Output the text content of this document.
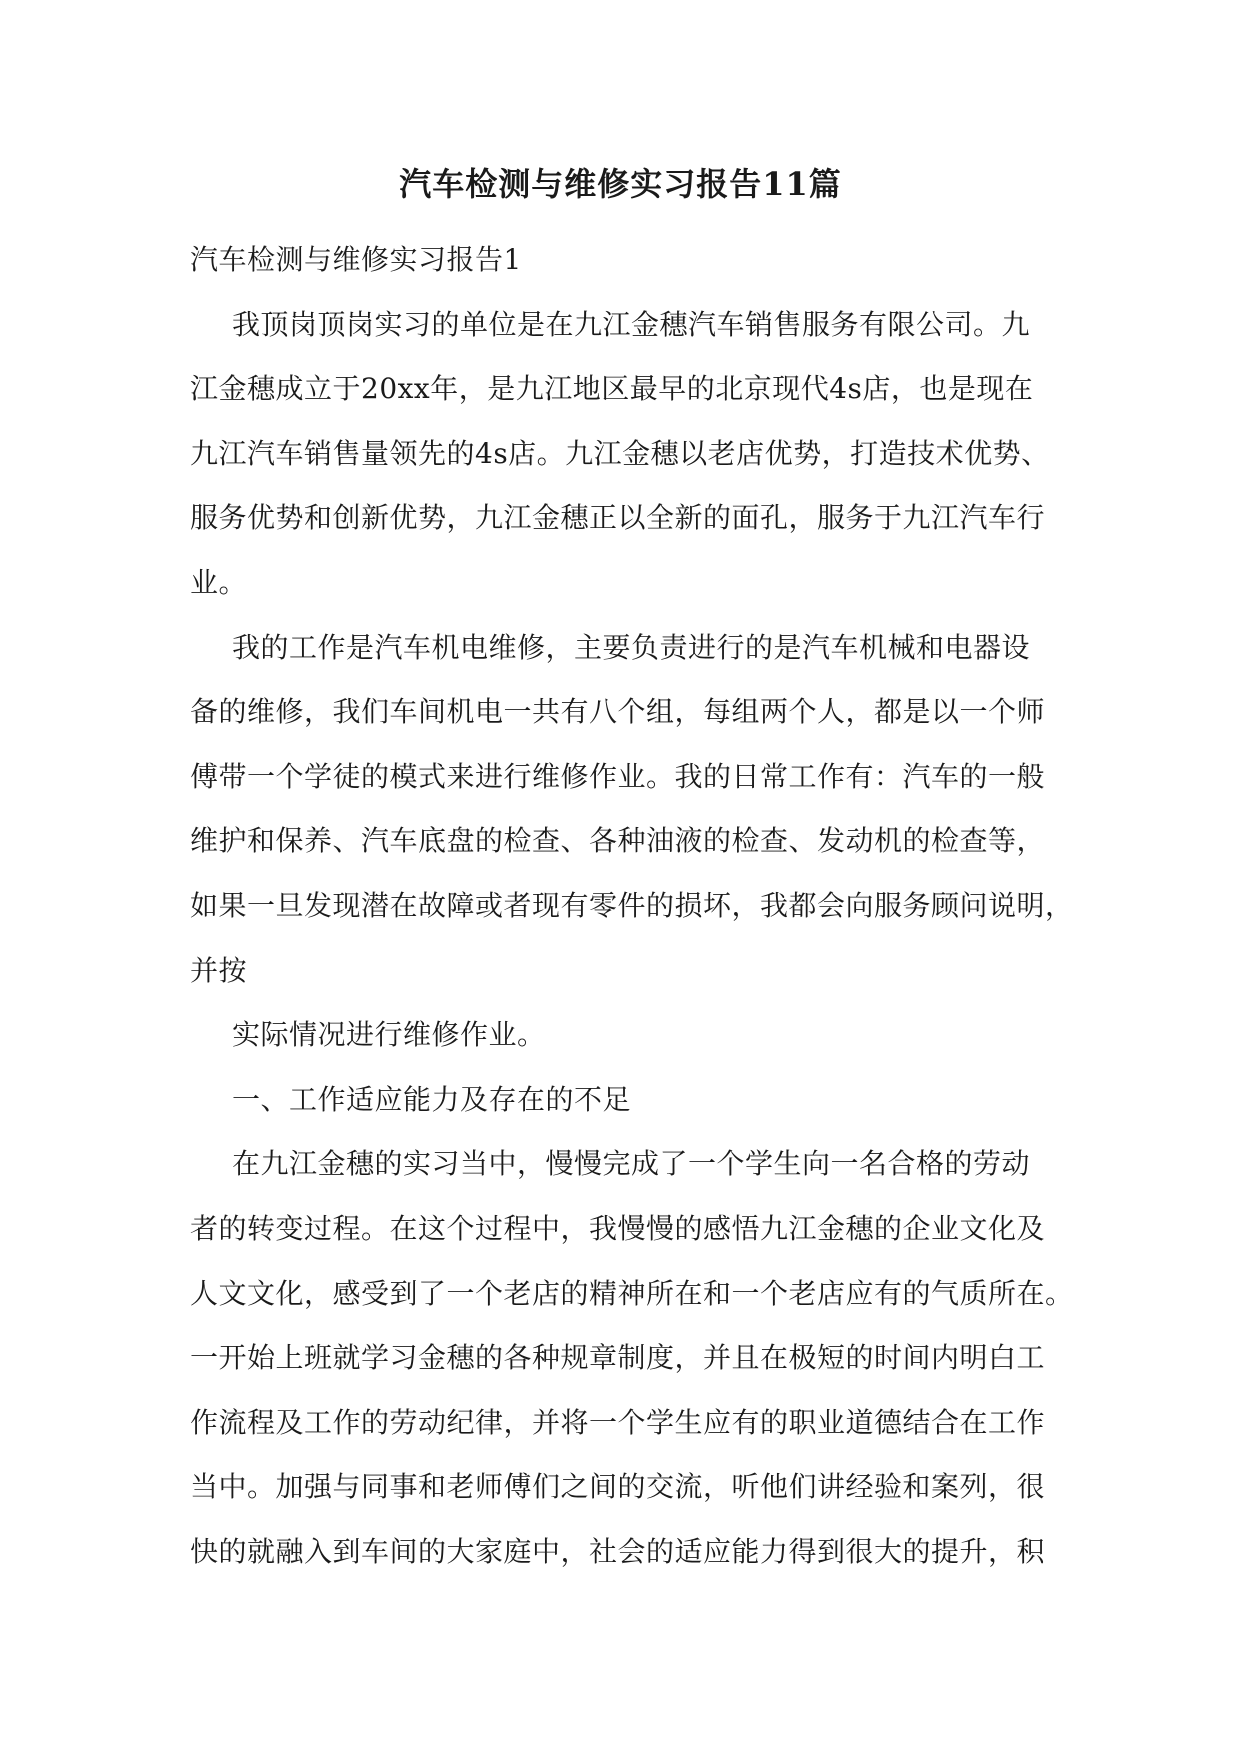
汽车检测与维修实习报告11篇
汽车检测与维修实习报告1
我顶岗顶岗实习的单位是在九江金穗汽车销售服务有限公司。九
江金穗成立于20xx年，是九江地区最早的北京现代4s店，也是现在
九江汽车销售量领先的4s店。九江金穗以老店优势，打造技术优势、
服务优势和创新优势，九江金穗正以全新的面孔，服务于九江汽车行
业。
我的工作是汽车机电维修，主要负责进行的是汽车机械和电器设
备的维修，我们车间机电一共有八个组，每组两个人，都是以一个师
傅带一个学徒的模式来进行维修作业。我的日常工作有：汽车的一般
维护和保养、汽车底盘的检查、各种油液的检查、发动机的检查等，
如果一旦发现潜在故障或者现有零件的损坏，我都会向服务顾问说明，
并按
实际情况进行维修作业。
一、工作适应能力及存在的不足
在九江金穗的实习当中，慢慢完成了一个学生向一名合格的劳动
者的转变过程。在这个过程中，我慢慢的感悟九江金穗的企业文化及
人文文化，感受到了一个老店的精神所在和一个老店应有的气质所在。
一开始上班就学习金穗的各种规章制度，并且在极短的时间内明白工
作流程及工作的劳动纪律，并将一个学生应有的职业道德结合在工作
当中。加强与同事和老师傅们之间的交流，听他们讲经验和案列，很
快的就融入到车间的大家庭中，社会的适应能力得到很大的提升，积
